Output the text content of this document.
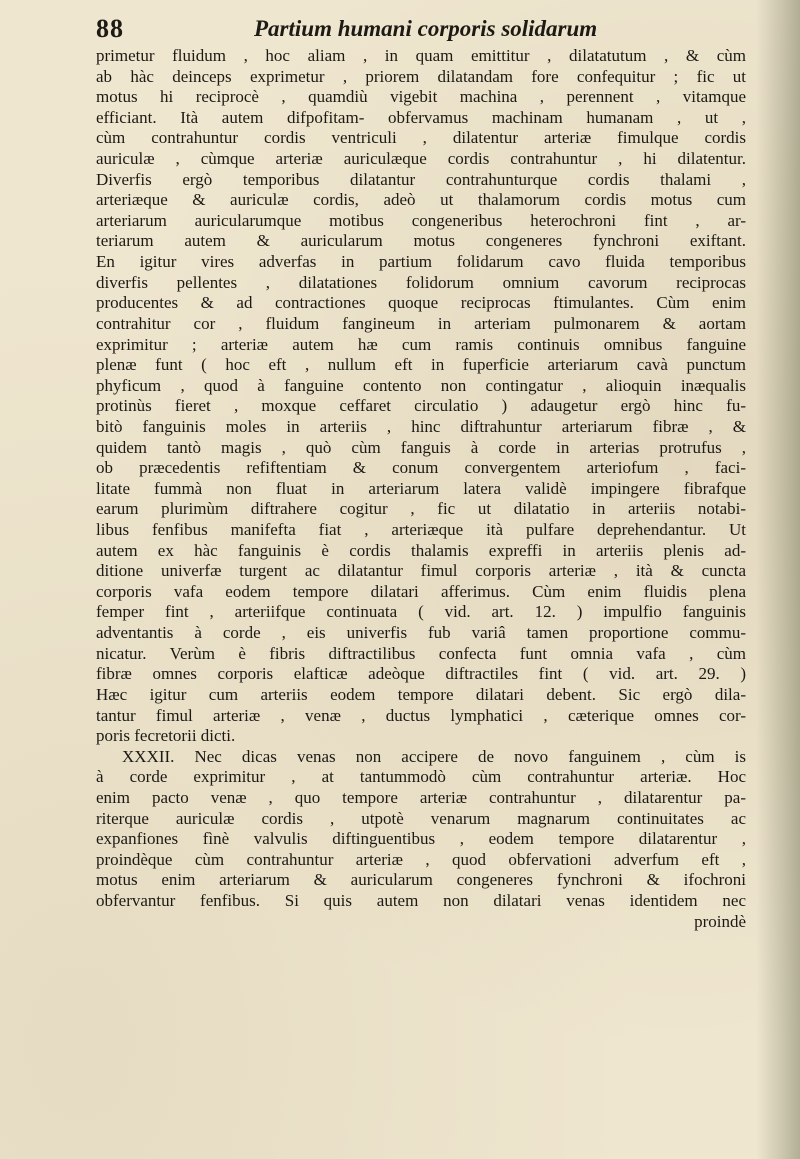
88	Partium humani corporis solidarum
primetur fluidum , hoc aliam , in quam emittitur , dilatatutum , & cùm
ab hàc deinceps exprimetur , priorem dilatandam fore confequitur ; fic ut
motus hi reciprocè , quamdiù vigebit machina , perennent , vitamque
efficiant. Ità autem difpofitam- obfervamus machinam humanam , ut ,
cùm contrahuntur cordis ventriculi , dilatentur arteriæ fimulque cordis
auriculæ , cùmque arteriæ auriculæque cordis contrahuntur , hi dilatentur.
Diverfis ergò temporibus dilatantur contrahunturque cordis thalami ,
arteriæque & auriculæ cordis, adeò ut thalamorum cordis motus cum
arteriarum auricularumque motibus congeneribus heterochroni fint , ar-
teriarum autem & auricularum motus congeneres fynchroni exiftant.
En igitur vires adverfas in partium folidarum cavo fluida temporibus
diverfis pellentes , dilatationes folidorum omnium cavorum reciprocas
producentes & ad contractiones quoque reciprocas ftimulantes. Cùm enim
contrahitur cor , fluidum fangineum in arteriam pulmonarem & aortam
exprimitur ; arteriæ autem hæ cum ramis continuis omnibus fanguine
plenæ funt ( hoc eft , nullum eft in fuperficie arteriarum cavà punctum
phyficum , quod à fanguine contento non contingatur , alioquin inæqualis
protinùs fieret , moxque ceffaret circulatio ) adaugetur ergò hinc fu-
bitò fanguinis moles in arteriis , hinc diftrahuntur arteriarum fibræ , &
quidem tantò magis , quò cùm fanguis à corde in arterias protrufus ,
ob præcedentis refiftentiam & conum convergentem arteriofum , faci-
litate fummà non fluat in arteriarum latera validè impingere fibrafque
earum plurimùm diftrahere cogitur , fic ut dilatatio in arteriis notabi-
libus fenfibus manifefta fiat , arteriæque ità pulfare deprehendantur. Ut
autem ex hàc fanguinis è cordis thalamis expreffi in arteriis plenis ad-
ditione univerfæ turgent ac dilatantur fimul corporis arteriæ , ità & cuncta
corporis vafa eodem tempore dilatari afferimus. Cùm enim fluidis plena
femper fint , arteriifque continuata ( vid. art. 12. ) impulfio fanguinis
adventantis à corde , eis univerfis fub variâ tamen proportione commu-
nicatur. Verùm è fibris diftractilibus confecta funt omnia vafa , cùm
fibræ omnes corporis elafticæ adeòque diftractiles fint ( vid. art. 29. )
Hæc igitur cum arteriis eodem tempore dilatari debent. Sic ergò dila-
tantur fimul arteriæ , venæ , ductus lymphatici , cæterique omnes cor-
poris fecretorii dicti.
XXXII. Nec dicas venas non accipere de novo fanguinem , cùm is
à corde exprimitur , at tantummodò cùm contrahuntur arteriæ. Hoc
enim pacto venæ , quo tempore arteriæ contrahuntur , dilatarentur pa-
riterque auriculæ cordis , utpotè venarum magnarum continuitates ac
expanfiones fìnè valvulis diftinguentibus , eodem tempore dilatarentur ,
proindèque cùm contrahuntur arteriæ , quod obfervationi adverfum eft ,
motus enim arteriarum & auricularum congeneres fynchroni & ifochroni
obfervantur fenfibus. Si quis autem non dilatari venas identidem nec
proindè
